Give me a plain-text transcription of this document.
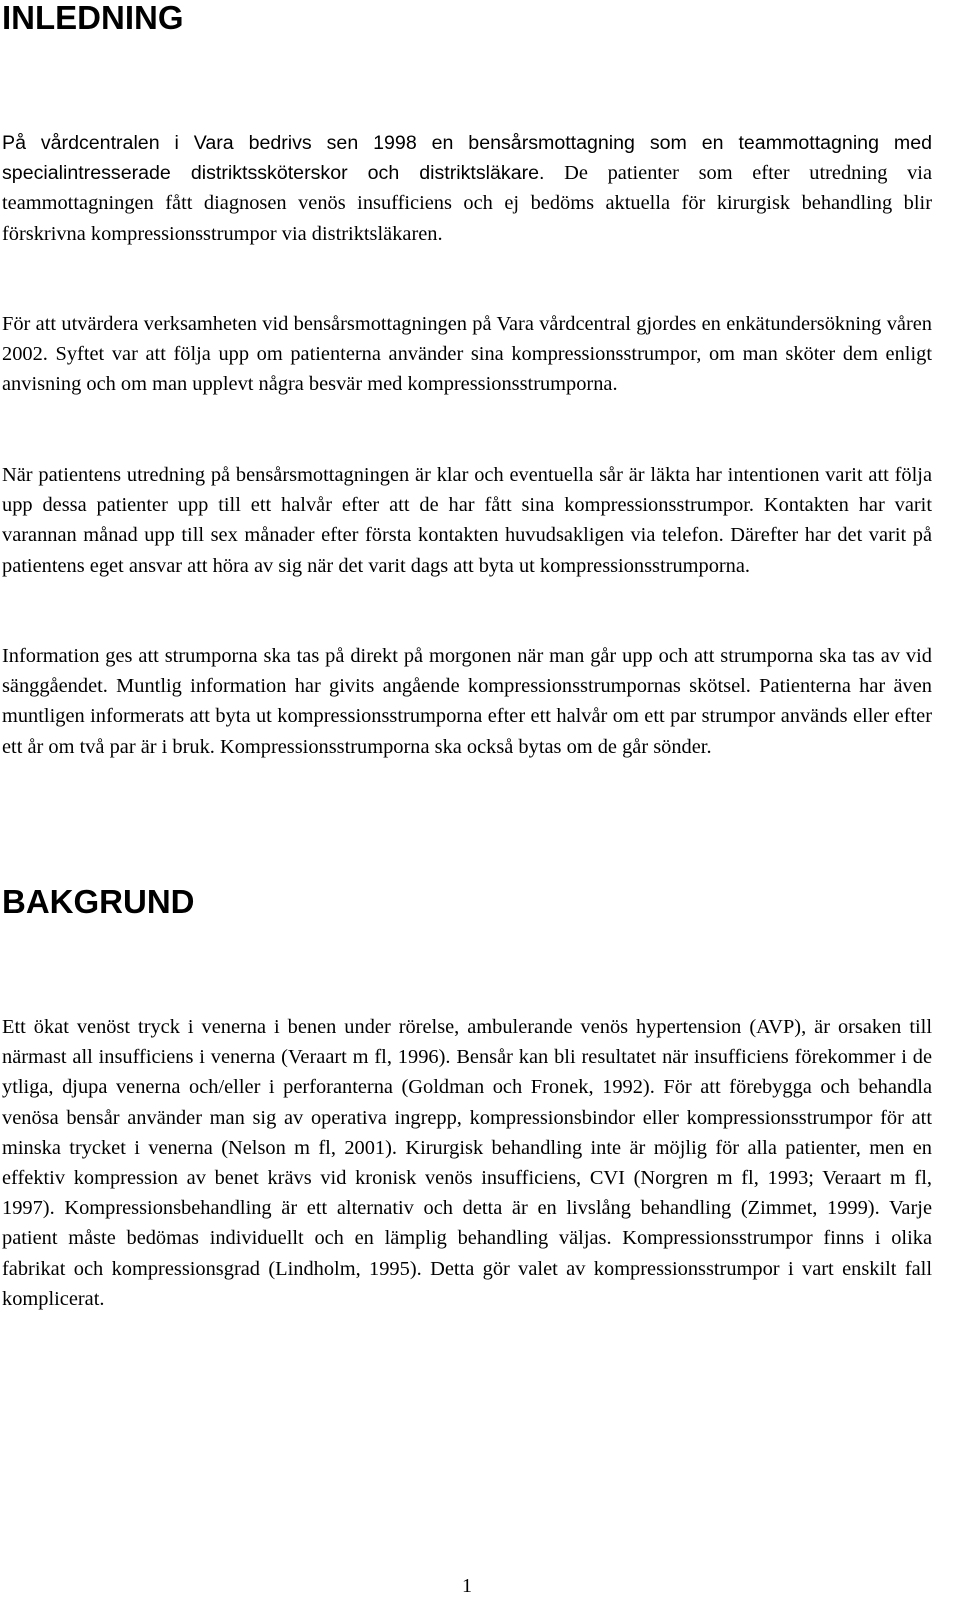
INLEDNING

På vårdcentralen i Vara bedrivs sen 1998 en bensårsmottagning som en teammottagning med specialintresserade distriktssköterskor och distriktsläkare. De patienter som efter utredning via teammottagningen fått diagnosen venös insufficiens och ej bedöms aktuella för kirurgisk behandling blir förskrivna kompressionsstrumpor via distriktsläkaren.

För att utvärdera verksamheten vid bensårsmottagningen på Vara vårdcentral gjordes en enkätundersökning våren 2002. Syftet var att följa upp om patienterna använder sina kompressionsstrumpor, om man sköter dem enligt anvisning och om man upplevt några besvär med kompressionsstrumporna.

När patientens utredning på bensårsmottagningen är klar och eventuella sår är läkta har intentionen varit att följa upp dessa patienter upp till ett halvår efter att de har fått sina kompressionsstrumpor. Kontakten har varit varannan månad upp till sex månader efter första kontakten huvudsakligen via telefon. Därefter har det varit på patientens eget ansvar att höra av sig när det varit dags att byta ut kompressionsstrumporna.

Information ges att strumporna ska tas på direkt på morgonen när man går upp och att strumporna ska tas av vid sänggåendet. Muntlig information har givits angående kompressionsstrumpornas skötsel. Patienterna har även muntligen informerats att byta ut kompressionsstrumporna efter ett halvår om ett par strumpor används eller efter ett år om två par är i bruk. Kompressionsstrumporna ska också bytas om de går sönder.

BAKGRUND

Ett ökat venöst tryck i venerna i benen under rörelse, ambulerande venös hypertension (AVP), är orsaken till närmast all insufficiens i venerna (Veraart m fl, 1996). Bensår kan bli resultatet när insufficiens förekommer i de ytliga, djupa venerna och/eller i perforanterna (Goldman och Fronek, 1992). För att förebygga och behandla venösa bensår använder man sig av operativa ingrepp, kompressionsbindor eller kompressionsstrumpor för att minska trycket i venerna (Nelson m fl, 2001). Kirurgisk behandling inte är möjlig för alla patienter, men en effektiv kompression av benet krävs vid kronisk venös insufficiens, CVI (Norgren m fl, 1993; Veraart m fl, 1997). Kompressionsbehandling är ett alternativ och detta är en livslång behandling (Zimmet, 1999). Varje patient måste bedömas individuellt och en lämplig behandling väljas. Kompressionsstrumpor finns i olika fabrikat och kompressionsgrad (Lindholm, 1995). Detta gör valet av kompressionsstrumpor i vart enskilt fall komplicerat.

1
